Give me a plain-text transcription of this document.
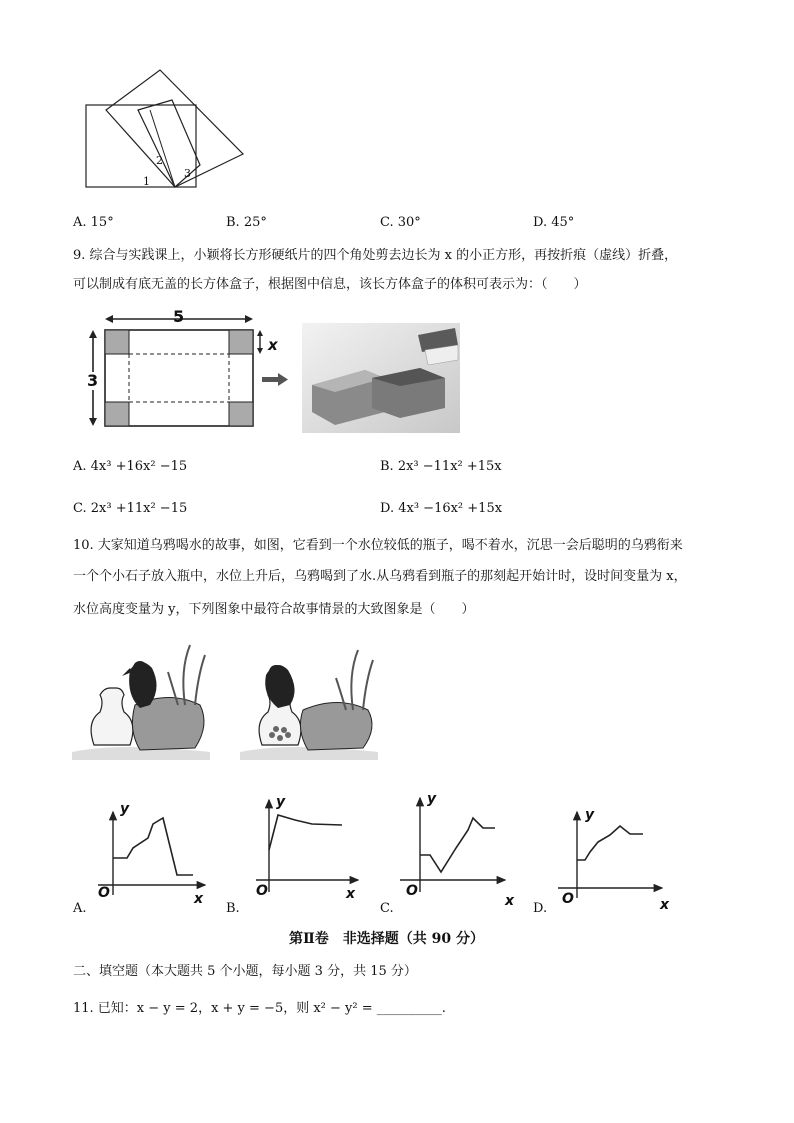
1
2
3
A. 15°	B. 25°	C. 30°	D. 45°
9. 综合与实践课上，小颖将长方形硬纸片的四个角处剪去边长为 x 的小正方形，再按折痕（虚线）折叠，
可以制成有底无盖的长方体盒子，根据图中信息，该长方体盒子的体积可表示为：（　　）
5
3
x
A. 4x³ +16x² −15	B. 2x³ −11x² +15x
C. 2x³ +11x² −15	D. 4x³ −16x² +15x
10. 大家知道乌鸦喝水的故事，如图，它看到一个水位较低的瓶子，喝不着水，沉思一会后聪明的乌鸦衔来
一个个小石子放入瓶中，水位上升后，乌鸦喝到了水.从乌鸦看到瓶子的那刻起开始计时，设时间变量为 x，
水位高度变量为 y，下列图象中最符合故事情景的大致图象是（　　）
y
O	x
y
O	x
y
O
x
y
O	x
A.	B.	C.	D.
第Ⅱ卷　非选择题（共 90 分）
二、填空题（本大题共 5 个小题，每小题 3 分，共 15 分）
11. 已知：x − y = 2，x + y = −5，则 x² − y² = __________.
